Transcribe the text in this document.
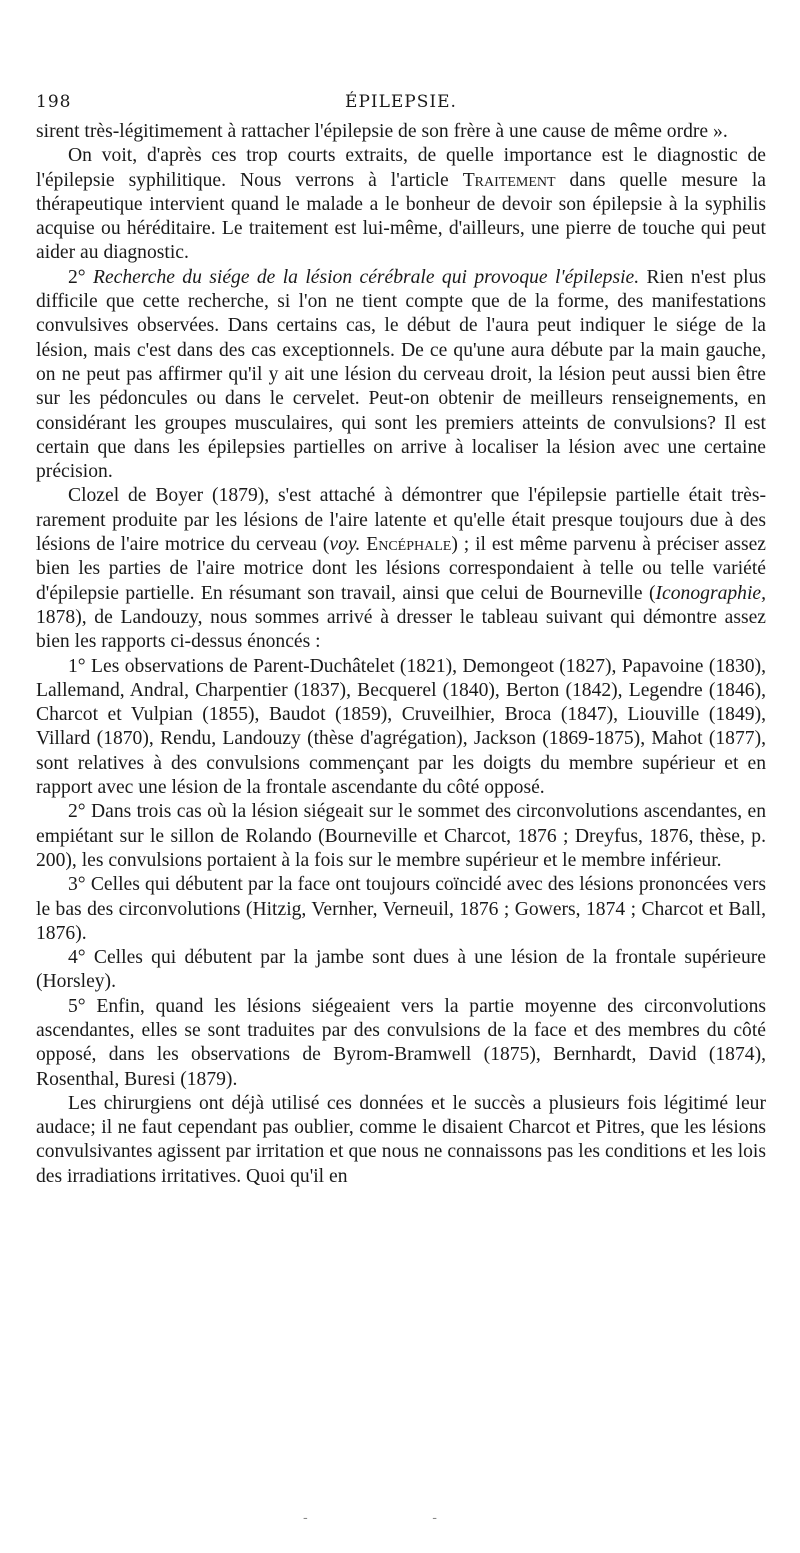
198	ÉPILEPSIE.

sirent très-légitimement à rattacher l'épilepsie de son frère à une cause de même ordre ».

On voit, d'après ces trop courts extraits, de quelle importance est le diagnostic de l'épilepsie syphilitique. Nous verrons à l'article Traitement dans quelle mesure la thérapeutique intervient quand le malade a le bonheur de devoir son épilepsie à la syphilis acquise ou héréditaire. Le traitement est lui-même, d'ailleurs, une pierre de touche qui peut aider au diagnostic.

2° Recherche du siége de la lésion cérébrale qui provoque l'épilepsie. Rien n'est plus difficile que cette recherche, si l'on ne tient compte que de la forme, des manifestations convulsives observées. Dans certains cas, le début de l'aura peut indiquer le siége de la lésion, mais c'est dans des cas exceptionnels. De ce qu'une aura débute par la main gauche, on ne peut pas affirmer qu'il y ait une lésion du cerveau droit, la lésion peut aussi bien être sur les pédoncules ou dans le cervelet. Peut-on obtenir de meilleurs renseignements, en considérant les groupes musculaires, qui sont les premiers atteints de convulsions? Il est certain que dans les épilepsies partielles on arrive à localiser la lésion avec une certaine précision.

Clozel de Boyer (1879), s'est attaché à démontrer que l'épilepsie partielle était très-rarement produite par les lésions de l'aire latente et qu'elle était presque toujours due à des lésions de l'aire motrice du cerveau (voy. Encéphale) ; il est même parvenu à préciser assez bien les parties de l'aire motrice dont les lésions correspondaient à telle ou telle variété d'épilepsie partielle. En résumant son travail, ainsi que celui de Bourneville (Iconographie, 1878), de Landouzy, nous sommes arrivé à dresser le tableau suivant qui démontre assez bien les rapports ci-dessus énoncés :

1° Les observations de Parent-Duchâtelet (1821), Demongeot (1827), Papavoine (1830), Lallemand, Andral, Charpentier (1837), Becquerel (1840), Berton (1842), Legendre (1846), Charcot et Vulpian (1855), Baudot (1859), Cruveilhier, Broca (1847), Liouville (1849), Villard (1870), Rendu, Landouzy (thèse d'agrégation), Jackson (1869-1875), Mahot (1877), sont relatives à des convulsions commençant par les doigts du membre supérieur et en rapport avec une lésion de la frontale ascendante du côté opposé.

2° Dans trois cas où la lésion siégeait sur le sommet des circonvolutions ascendantes, en empiétant sur le sillon de Rolando (Bourneville et Charcot, 1876 ; Dreyfus, 1876, thèse, p. 200), les convulsions portaient à la fois sur le membre supérieur et le membre inférieur.

3° Celles qui débutent par la face ont toujours coïncidé avec des lésions prononcées vers le bas des circonvolutions (Hitzig, Vernher, Verneuil, 1876 ; Gowers, 1874 ; Charcot et Ball, 1876).

4° Celles qui débutent par la jambe sont dues à une lésion de la frontale supérieure (Horsley).

5° Enfin, quand les lésions siégeaient vers la partie moyenne des circonvolutions ascendantes, elles se sont traduites par des convulsions de la face et des membres du côté opposé, dans les observations de Byrom-Bramwell (1875), Bernhardt, David (1874), Rosenthal, Buresi (1879).

Les chirurgiens ont déjà utilisé ces données et le succès a plusieurs fois légitimé leur audace; il ne faut cependant pas oublier, comme le disaient Charcot et Pitres, que les lésions convulsivantes agissent par irritation et que nous ne connaissons pas les conditions et les lois des irradiations irritatives. Quoi qu'il en

- -
